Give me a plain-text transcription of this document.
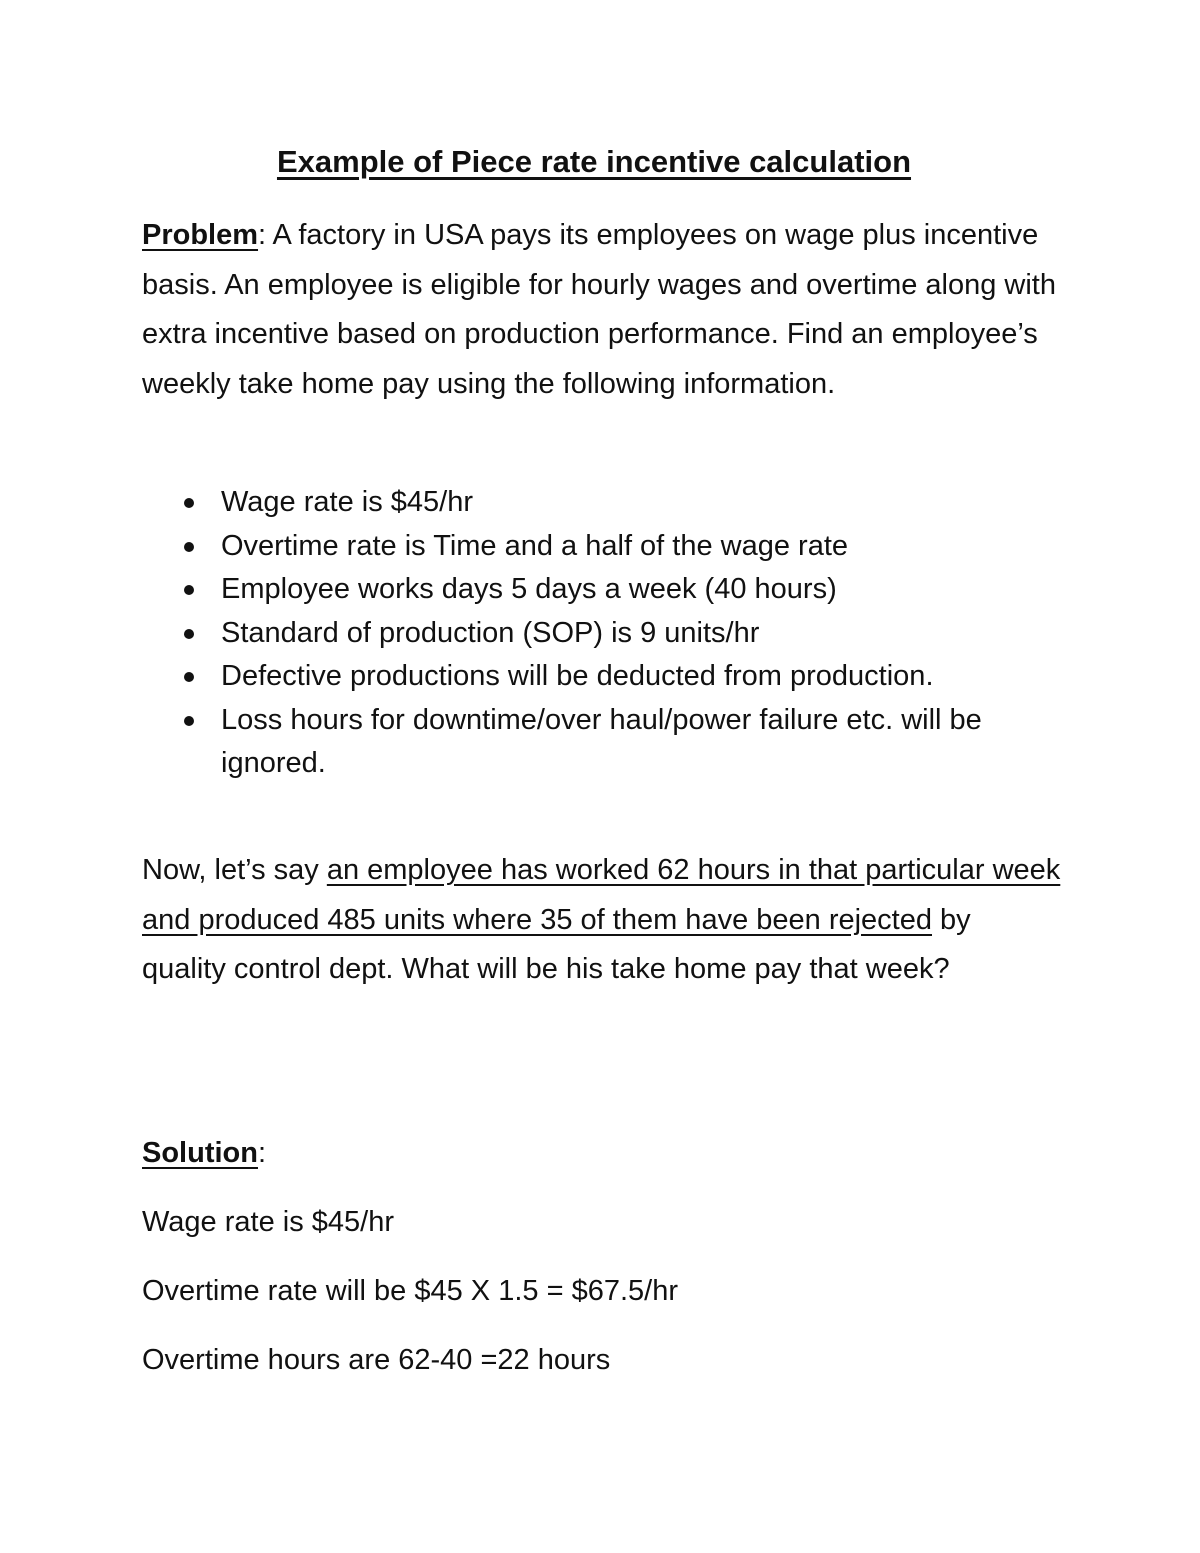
Example of Piece rate incentive calculation

Problem: A factory in USA pays its employees on wage plus incentive basis. An employee is eligible for hourly wages and overtime along with extra incentive based on production performance. Find an employee’s weekly take home pay using the following information.

Wage rate is $45/hr
Overtime rate is Time and a half of the wage rate
Employee works days 5 days a week (40 hours)
Standard of production (SOP) is 9 units/hr
Defective productions will be deducted from production.
Loss hours for downtime/over haul/power failure etc. will be ignored.

Now, let’s say an employee has worked 62 hours in that particular week and produced 485 units where 35 of them have been rejected by quality control dept. What will be his take home pay that week?

Solution:
Wage rate is $45/hr
Overtime rate will be $45 X 1.5 = $67.5/hr
Overtime hours are 62-40 =22 hours
